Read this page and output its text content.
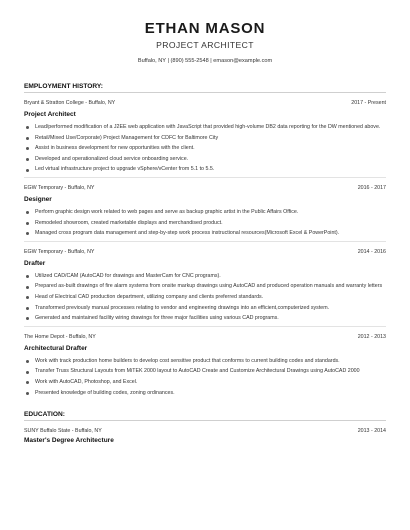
ETHAN MASON
PROJECT ARCHITECT
Buffalo, NY | (890) 555-2548 | emason@example.com
EMPLOYMENT HISTORY:
Bryant & Stratton College - Buffalo, NY	2017 - Present
Project Architect
Lead/performed modification of a J2EE web application with JavaScript that provided high-volume DB2 data reporting for the DW mentioned above.
Retail/Mixed Use/Corporate) Project Management for CDFC for Baltimore City
Assist in business development for new opportunities with the client.
Developed and operationalized cloud service onboarding service.
Led virtual infrastructure project to upgrade vSphere/vCenter from 5.1 to 5.5.
EGW Temporary - Buffalo, NY	2016 - 2017
Designer
Perform graphic design work related to web pages and serve as backup graphic artist in the Public Affairs Office.
Remodeled showroom, created marketable displays and merchandised product.
Managed cross program data management and step-by-step work process instructional resources(Microsoft Excel & PowerPoint).
EGW Temporary - Buffalo, NY	2014 - 2016
Drafter
Utilized CAD/CAM (AutoCAD for drawings and MasterCam for CNC programs).
Prepared as-built drawings of fire alarm systems from onsite markup drawings using AutoCAD and produced operation manuals and warranty letters
Head of Electrical CAD production department, utilizing company and clients preferred standards.
Transformed previously manual processes relating to vendor and engineering drawings into an efficient,computerized system.
Generated and maintained facility wiring drawings for three major facilities using various CAD programs.
The Home Depot - Buffalo, NY	2012 - 2013
Architectural Drafter
Work with track production home builders to develop cost sensitive product that conforms to current building codes and standards.
Transfer Truss Structural Layouts from MiTEK 2000 layout to AutoCAD Create and Customize Architectural Drawings using AutoCAD 2000
Work with AutoCAD, Photoshop, and Excel.
Presented knowledge of building codes, zoning ordinances.
EDUCATION:
SUNY Buffalo State - Buffalo, NY	2013 - 2014
Master's Degree Architecture
